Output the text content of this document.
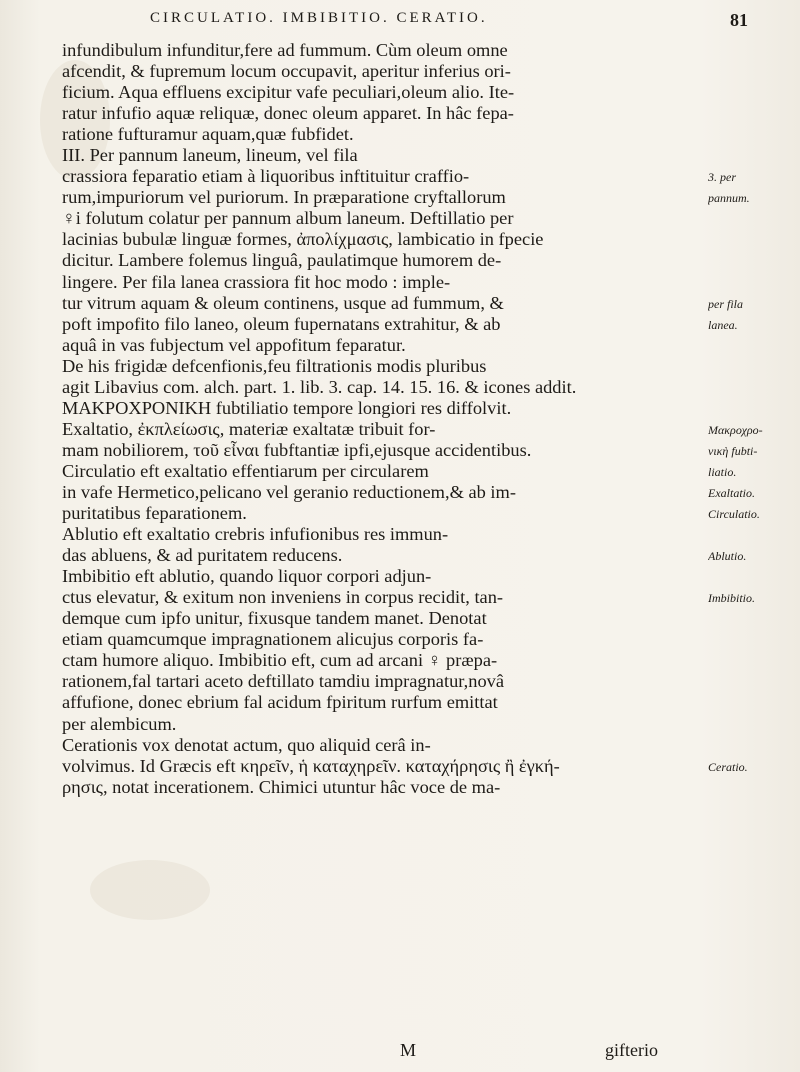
CIRCULATIO. IMBIBITIO. CERATIO.	81
infundibulum infunditur,fere ad fummum. Cùm oleum omne
afcendit, & fupremum locum occupavit, aperitur inferius ori-
ficium. Aqua effluens excipitur vafe peculiari,oleum alio. Ite-
ratur infufio aquæ reliquæ, donec oleum apparet. In hâc fepa-
ratione fufturamur aquam,quæ fubfidet.
III. Per pannum laneum, lineum, vel fila
crassiora feparatio etiam à liquoribus inftituitur craffio-
rum,impuriorum vel puriorum. In præparatione cryftallorum
♀i folutum colatur per pannum album laneum. Deftillatio per
lacinias bubulæ linguæ formes, ἀπολίχμασις, lambicatio in fpecie
dicitur. Lambere folemus linguâ, paulatimque humorem de-
lingere. Per fila lanea crassiora fit hoc modo : imple-
tur vitrum aquam & oleum continens, usque ad fummum, &
poft impofito filo laneo, oleum fupernatans extrahitur, & ab
aquâ in vas fubjectum vel appofitum feparatur.
De his frigidæ defcenfionis,feu filtrationis modis pluribus
agit Libavius com. alch. part. 1. lib. 3. cap. 14. 15. 16. & icones addit.
ΜΑΚΡΟΧΡΟΝΙΚΗ fubtiliatio tempore longiori res diffolvit.
Exaltatio, ἐκπλείωσις, materiæ exaltatæ tribuit for-
mam nobiliorem, τοῦ εἶναι fubftantiæ ipfi,ejusque accidentibus.
Circulatio eft exaltatio effentiarum per circularem
in vafe Hermetico,pelicano vel geranio reductionem,& ab im-
puritatibus feparationem.
Ablutio eft exaltatio crebris infufionibus res immun-
das abluens, & ad puritatem reducens.
Imbibitio eft ablutio, quando liquor corpori adjun-
ctus elevatur, & exitum non inveniens in corpus recidit, tan-
demque cum ipfo unitur, fixusque tandem manet. Denotat
etiam quamcumque impragnationem alicujus corporis fa-
ctam humore aliquo. Imbibitio eft, cum ad arcani ♀ præpa-
rationem,fal tartari aceto deftillato tamdiu impragnatur,novâ
affufione, donec ebrium fal acidum fpiritum rurfum emittat
per alembicum.
Cerationis vox denotat actum, quo aliquid cerâ in-
volvimus. Id Græcis eft κηρεῖν, ἡ καταχηρεῖν. καταχήρησις ἢ ἐγκή-
ρησις, notat inceratiοnem. Chimici utuntur hâc voce de ma-
3. per
pannum.
per fila
lanea.
Μακροχρο-
νικὴ fubti-
liatio.
Exaltatio.
Circulatio.
Ablutio.
Imbibitio.
Ceratio.
M	gifterio
